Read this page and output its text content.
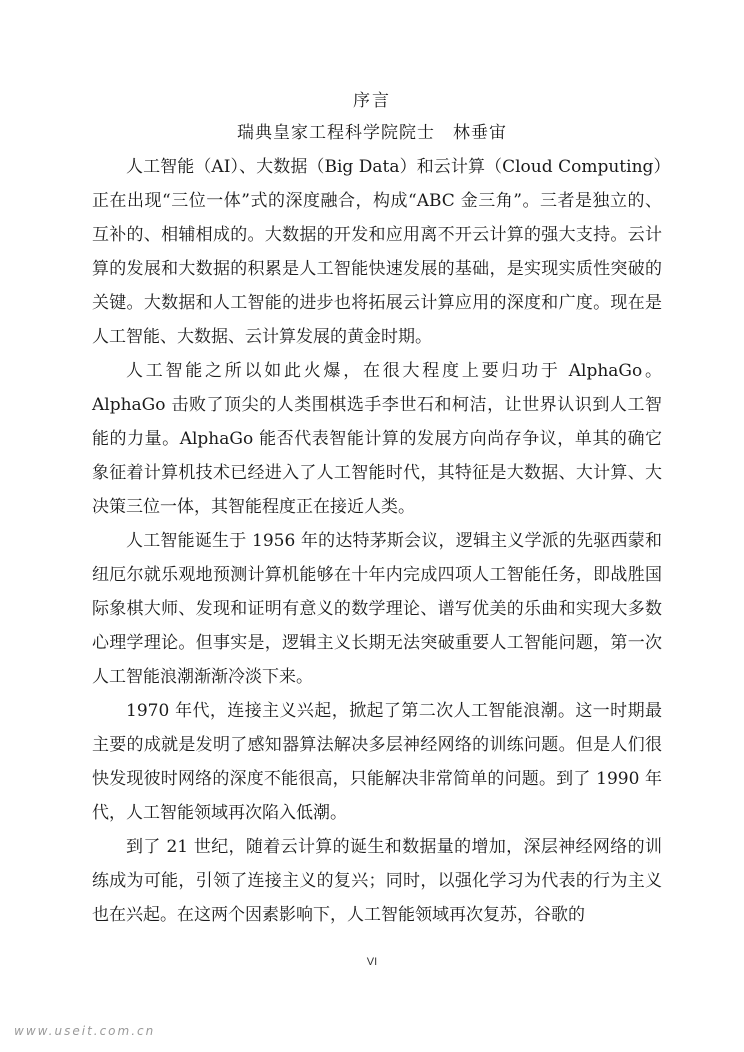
序言
瑞典皇家工程科学院院士　林垂宙

人工智能（AI）、大数据（Big Data）和云计算（Cloud Computing）正在出现“三位一体”式的深度融合，构成“ABC 金三角”。三者是独立的、互补的、相辅相成的。大数据的开发和应用离不开云计算的强大支持。云计算的发展和大数据的积累是人工智能快速发展的基础，是实现实质性突破的关键。大数据和人工智能的进步也将拓展云计算应用的深度和广度。现在是人工智能、大数据、云计算发展的黄金时期。

人工智能之所以如此火爆，在很大程度上要归功于 AlphaGo。AlphaGo 击败了顶尖的人类围棋选手李世石和柯洁，让世界认识到人工智能的力量。AlphaGo 能否代表智能计算的发展方向尚存争议，单其的确它象征着计算机技术已经进入了人工智能时代，其特征是大数据、大计算、大决策三位一体，其智能程度正在接近人类。

人工智能诞生于 1956 年的达特茅斯会议，逻辑主义学派的先驱西蒙和纽厄尔就乐观地预测计算机能够在十年内完成四项人工智能任务，即战胜国际象棋大师、发现和证明有意义的数学理论、谱写优美的乐曲和实现大多数心理学理论。但事实是，逻辑主义长期无法突破重要人工智能问题，第一次人工智能浪潮渐渐冷淡下来。

1970 年代，连接主义兴起，掀起了第二次人工智能浪潮。这一时期最主要的成就是发明了感知器算法解决多层神经网络的训练问题。但是人们很快发现彼时网络的深度不能很高，只能解决非常简单的问题。到了 1990 年代，人工智能领域再次陷入低潮。

到了 21 世纪，随着云计算的诞生和数据量的增加，深层神经网络的训练成为可能，引领了连接主义的复兴；同时，以强化学习为代表的行为主义也在兴起。在这两个因素影响下，人工智能领域再次复苏，谷歌的

VI
www.useit.com.cn
